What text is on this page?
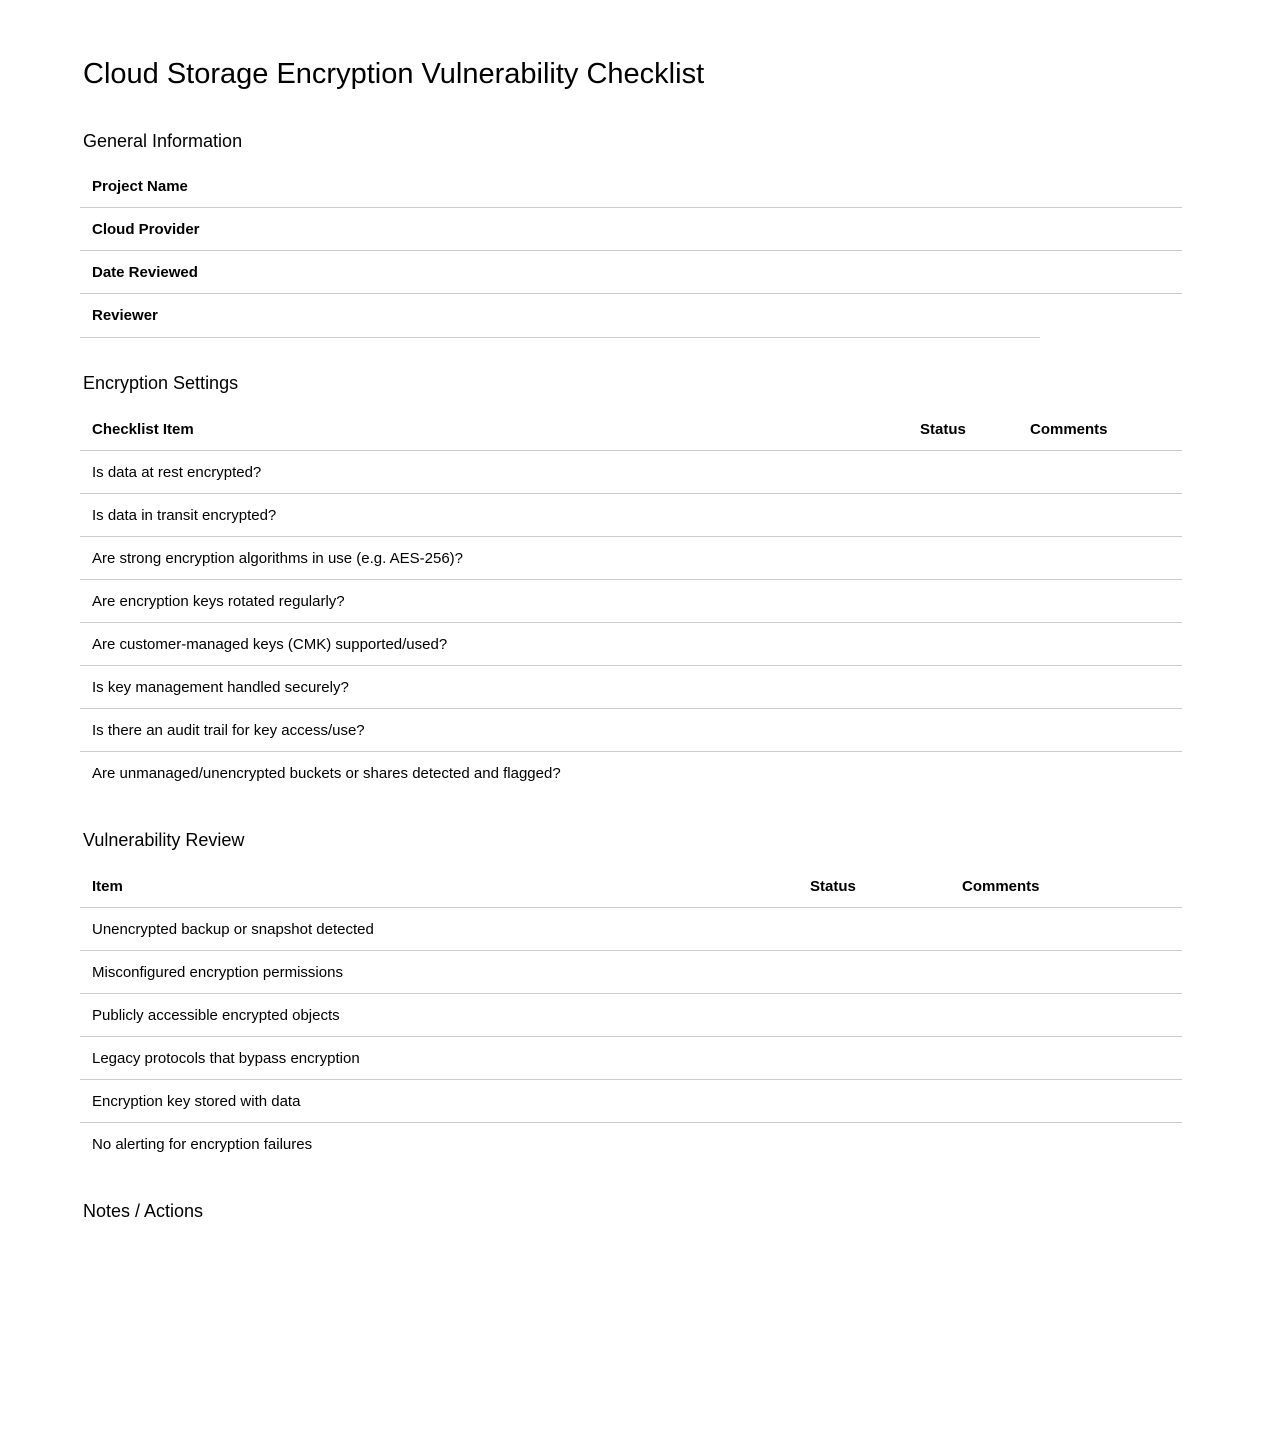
Cloud Storage Encryption Vulnerability Checklist
General Information
Project Name
Cloud Provider
Date Reviewed
Reviewer
Encryption Settings
Checklist Item	Status	Comments
Is data at rest encrypted?
Is data in transit encrypted?
Are strong encryption algorithms in use (e.g. AES-256)?
Are encryption keys rotated regularly?
Are customer-managed keys (CMK) supported/used?
Is key management handled securely?
Is there an audit trail for key access/use?
Are unmanaged/unencrypted buckets or shares detected and flagged?
Vulnerability Review
Item	Status	Comments
Unencrypted backup or snapshot detected
Misconfigured encryption permissions
Publicly accessible encrypted objects
Legacy protocols that bypass encryption
Encryption key stored with data
No alerting for encryption failures
Notes / Actions
